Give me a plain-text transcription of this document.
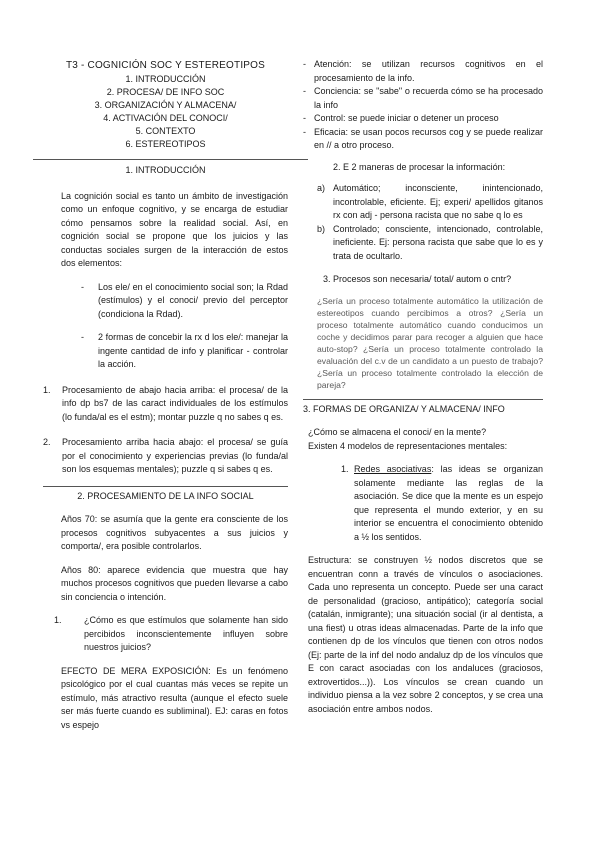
T3 - COGNICIÓN SOC Y ESTEREOTIPOS

1. INTRODUCCIÓN
2. PROCESA/ DE INFO SOC
3. ORGANIZACIÓN Y ALMACENA/
4. ACTIVACIÓN DEL CONOCI/
5. CONTEXTO
6. ESTEREOTIPOS

1. INTRODUCCIÓN

La cognición social es tanto un ámbito de investigación como un enfoque cognitivo, y se encarga de estudiar cómo pensamos sobre la realidad social. Así, en cognición social se propone que los juicios y las conductas sociales surgen de la interacción de estos dos elementos:

- Los ele/ en el conocimiento social son; la Rdad (estímulos) y el conoci/ previo del perceptor (condiciona la Rdad).
- 2 formas de concebir la rx d los ele/: manejar la ingente cantidad de info y planificar - controlar la acción.
1. Procesamiento de abajo hacia arriba: el procesa/ de la info dp bs7 de las caract individuales de los estímulos (lo funda/al es el estm); montar puzzle q no sabes q es.
2. Procesamiento arriba hacia abajo: el procesa/ se guía por el conocimiento y experiencias previas (lo funda/al son los esquemas mentales); puzzle q si sabes q es.

2. PROCESAMIENTO DE LA INFO SOCIAL

Años 70: se asumía que la gente era consciente de los procesos cognitivos subyacentes a sus juicios y comporta/, era posible controlarlos.

Años 80: aparece evidencia que muestra que hay muchos procesos cognitivos que pueden llevarse a cabo sin conciencia o intención.

1. ¿Cómo es que estímulos que solamente han sido percibidos inconscientemente influyen sobre nuestros juicios?

EFECTO DE MERA EXPOSICIÓN: Es un fenómeno psicológico por el cual cuantas más veces se repite un estímulo, más atractivo resulta (aunque el efecto suele ser más fuerte cuando es subliminal). EJ: caras en fotos vs espejo

- Atención: se utilizan recursos cognitivos en el procesamiento de la info.
- Conciencia: se "sabe" o recuerda cómo se ha procesado la info
- Control: se puede iniciar o detener un proceso
- Eficacia: se usan pocos recursos cog y se puede realizar en // a otro proceso.

2. E 2 maneras de procesar la información:

a) Automático; inconsciente, inintencionado, incontrolable, eficiente. Ej; experi/ apellidos gitanos rx con adj - persona racista que no sabe q lo es
b) Controlado; consciente, intencionado, controlable, ineficiente. Ej: persona racista que sabe que lo es y trata de ocultarlo.

3. Procesos son necesaria/ total/ autom o cntr?

¿Sería un proceso totalmente automático la utilización de estereotipos cuando percibimos a otros? ¿Sería un proceso totalmente automático cuando conducimos un coche y decidimos parar para recoger a alguien que hace auto-stop? ¿Sería un proceso totalmente controlado la evaluación del c.v de un candidato a un puesto de trabajo? ¿Sería un proceso totalmente controlado la elección de pareja?

3. FORMAS DE ORGANIZA/ Y ALMACENA/ INFO

¿Cómo se almacena el conoci/ en la mente?

Existen 4 modelos de representaciones mentales:

1. Redes asociativas: las ideas se organizan solamente mediante las reglas de la asociación. Se dice que la mente es un espejo que representa el mundo exterior, y en su interior se encuentra el conocimiento obtenido a ½ los sentidos.

Estructura: se construyen ½ nodos discretos que se encuentran conn a través de vínculos o asociaciones. Cada uno representa un concepto. Puede ser una caract de personalidad (gracioso, antipático); categoría social (catalán, inmigrante); una situación social (ir al dentista, a una fiest) u otras ideas almacenadas. Parte de la info que contienen dp de los vínculos que tienen con otros nodos (Ej: parte de la inf del nodo andaluz dp de los vínculos que E con caract asociadas con los andaluces (graciosos, extrovertidos...)). Los vínculos se crean cuando un individuo piensa a la vez sobre 2 conceptos, y se crea una asociación entre ambos nodos.
